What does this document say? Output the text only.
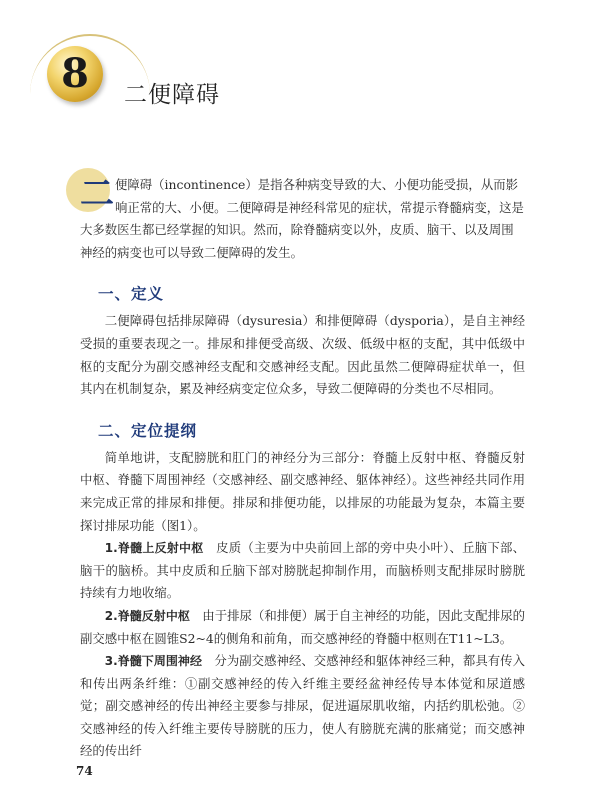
8	二便障碍

二 便障碍（incontinence）是指各种病变导致的大、小便功能受损，从而影响正常的大、小便。二便障碍是神经科常见的症状，常提示脊髓病变，这是大多数医生都已经掌握的知识。然而，除脊髓病变以外，皮质、脑干、以及周围神经的病变也可以导致二便障碍的发生。

一、定义

二便障碍包括排尿障碍（dysuresia）和排便障碍（dysporia），是自主神经受损的重要表现之一。排尿和排便受高级、次级、低级中枢的支配，其中低级中枢的支配分为副交感神经支配和交感神经支配。因此虽然二便障碍症状单一，但其内在机制复杂，累及神经病变定位众多，导致二便障碍的分类也不尽相同。

二、定位提纲

简单地讲，支配膀胱和肛门的神经分为三部分：脊髓上反射中枢、脊髓反射中枢、脊髓下周围神经（交感神经、副交感神经、躯体神经）。这些神经共同作用来完成正常的排尿和排便。排尿和排便功能，以排尿的功能最为复杂，本篇主要探讨排尿功能（图1）。

1.脊髓上反射中枢　皮质（主要为中央前回上部的旁中央小叶）、丘脑下部、脑干的脑桥。其中皮质和丘脑下部对膀胱起抑制作用，而脑桥则支配排尿时膀胱持续有力地收缩。

2.脊髓反射中枢　由于排尿（和排便）属于自主神经的功能，因此支配排尿的副交感中枢在圆锥S2~4的侧角和前角，而交感神经的脊髓中枢则在T11~L3。

3.脊髓下周围神经　分为副交感神经、交感神经和躯体神经三种，都具有传入和传出两条纤维：①副交感神经的传入纤维主要经盆神经传导本体觉和尿道感觉；副交感神经的传出神经主要参与排尿，促进逼尿肌收缩，内括约肌松弛。②交感神经的传入纤维主要传导膀胱的压力，使人有膀胱充满的胀痛觉；而交感神经的传出纤

74
